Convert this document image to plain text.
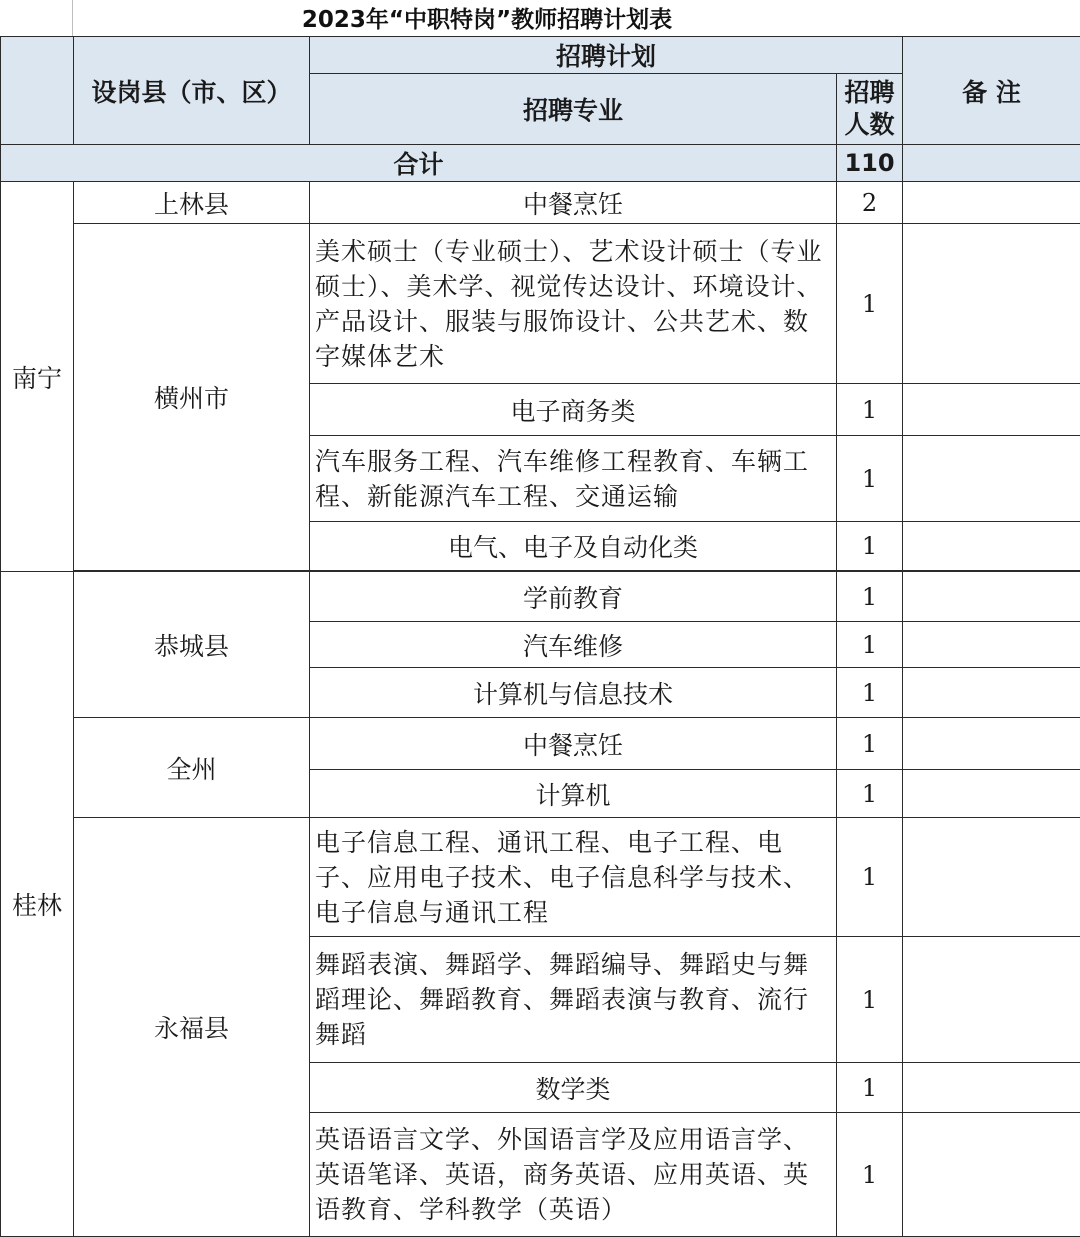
2023年“中职特岗”教师招聘计划表
	设岗县（市、区）	招聘计划		备 注
		招聘专业	招聘人数	
合计			110	
南宁	上林县	中餐烹饪	2	
	横州市	美术硕士（专业硕士）、艺术设计硕士（专业硕士）、美术学、视觉传达设计、环境设计、产品设计、服装与服饰设计、公共艺术、数字媒体艺术	1	
		电子商务类	1	
		汽车服务工程、汽车维修工程教育、车辆工程、新能源汽车工程、交通运输	1	
		电气、电子及自动化类	1	

桂林	恭城县	学前教育	1	
		汽车维修	1	
		计算机与信息技术	1	
	全州	中餐烹饪	1	
		计算机	1	
	永福县	电子信息工程、通讯工程、电子工程、电子、应用电子技术、电子信息科学与技术、电子信息与通讯工程	1	
		舞蹈表演、舞蹈学、舞蹈编导、舞蹈史与舞蹈理论、舞蹈教育、舞蹈表演与教育、流行舞蹈	1	
		数学类	1	
		英语语言文学、外国语言学及应用语言学、英语笔译、英语，商务英语、应用英语、英语教育、学科教学（英语）	1	
